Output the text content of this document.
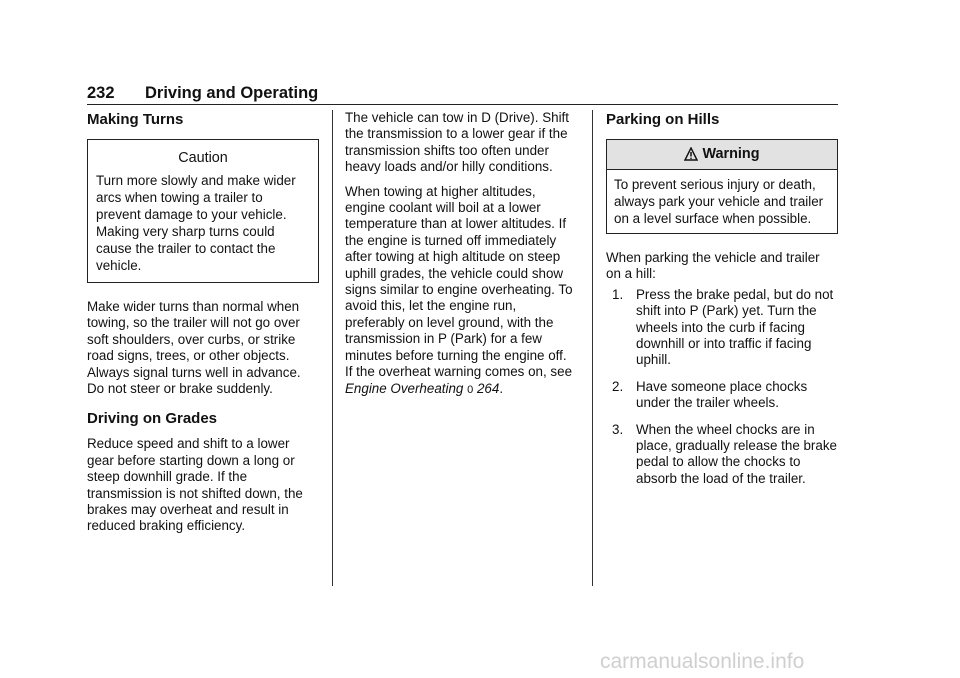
232 Driving and Operating
Making Turns
Caution
Turn more slowly and make wider arcs when towing a trailer to prevent damage to your vehicle. Making very sharp turns could cause the trailer to contact the vehicle.

Make wider turns than normal when towing, so the trailer will not go over soft shoulders, over curbs, or strike road signs, trees, or other objects. Always signal turns well in advance. Do not steer or brake suddenly.

Driving on Grades

Reduce speed and shift to a lower gear before starting down a long or steep downhill grade. If the transmission is not shifted down, the brakes may overheat and result in reduced braking efficiency.

The vehicle can tow in D (Drive). Shift the transmission to a lower gear if the transmission shifts too often under heavy loads and/or hilly conditions.

When towing at higher altitudes, engine coolant will boil at a lower temperature than at lower altitudes. If the engine is turned off immediately after towing at high altitude on steep uphill grades, the vehicle could show signs similar to engine overheating. To avoid this, let the engine run, preferably on level ground, with the transmission in P (Park) for a few minutes before turning the engine off. If the overheat warning comes on, see Engine Overheating 0 264.

Parking on Hills
Warning
To prevent serious injury or death, always park your vehicle and trailer on a level surface when possible.

When parking the vehicle and trailer on a hill:

1. Press the brake pedal, but do not shift into P (Park) yet. Turn the wheels into the curb if facing downhill or into traffic if facing uphill.
2. Have someone place chocks under the trailer wheels.
3. When the wheel chocks are in place, gradually release the brake pedal to allow the chocks to absorb the load of the trailer.
carmanualsonline.info
